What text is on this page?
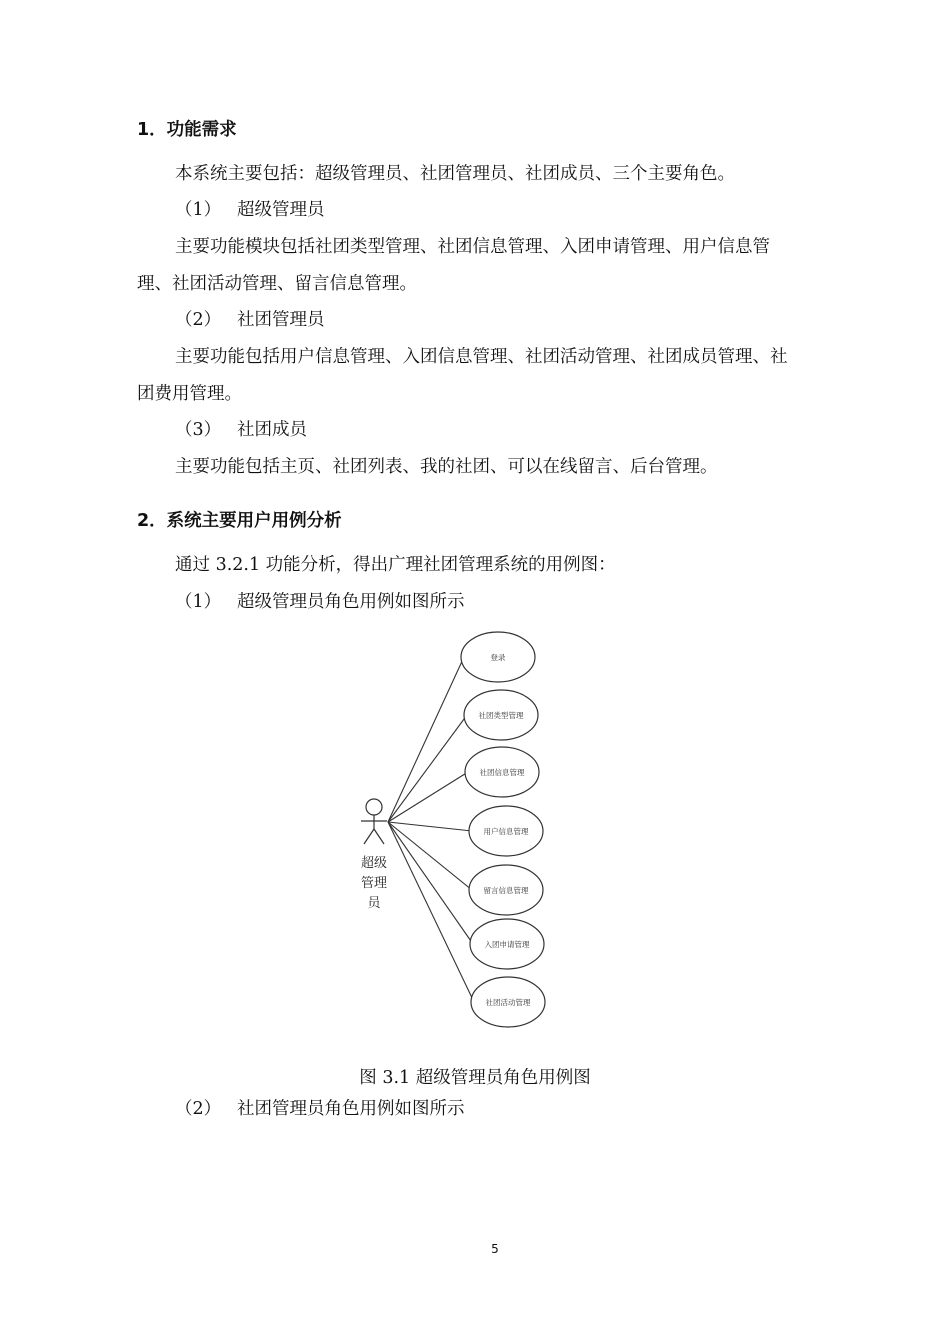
1．功能需求
本系统主要包括：超级管理员、社团管理员、社团成员、三个主要角色。
（1） 超级管理员
主要功能模块包括社团类型管理、社团信息管理、入团申请管理、用户信息管
理、社团活动管理、留言信息管理。
（2） 社团管理员
主要功能包括用户信息管理、入团信息管理、社团活动管理、社团成员管理、社
团费用管理。
（3） 社团成员
主要功能包括主页、社团列表、我的社团、可以在线留言、后台管理。
2．系统主要用户用例分析
通过 3.2.1 功能分析，得出广理社团管理系统的用例图：
（1） 超级管理员角色用例如图所示
超级
管理
员
登录
社团类型管理
社团信息管理
用户信息管理
留言信息管理
入团申请管理
社团活动管理
图 3.1 超级管理员角色用例图
（2） 社团管理员角色用例如图所示
5
